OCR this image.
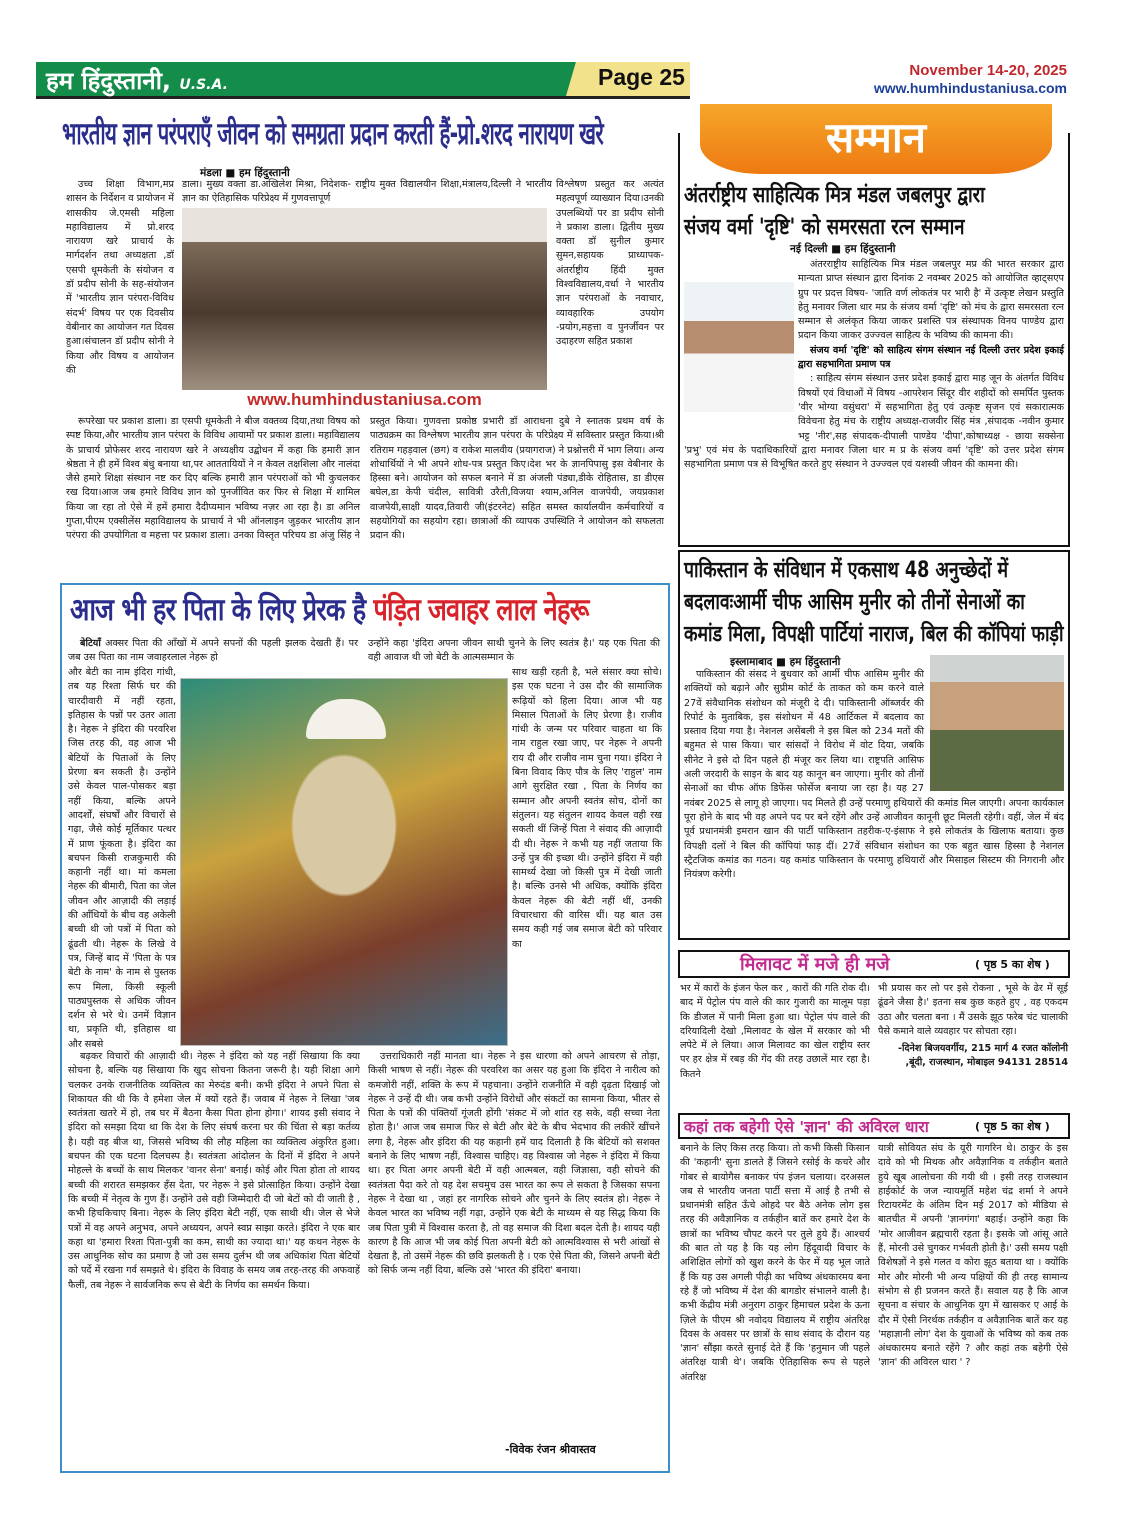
हम हिंदुस्तानी, U.S.A.	Page 25	November 14-20, 2025
www.humhindustaniusa.com
भारतीय ज्ञान परंपराएँ जीवन को समग्रता प्रदान करती हैं-प्रो.शरद नारायण खरे
मंडला ■ हम हिंदुस्तानी

उच्च शिक्षा विभाग,मप्र शासन के निर्देशन व प्रायोजन में शासकीय जे.एमसी महिला महाविद्यालय में प्रो.शरद नारायण खरे प्राचार्य के मार्गदर्शन तथा अध्यक्षता ,डॉ एसपी धूमकेती के संयोजन व डॉ प्रदीप सोनी के सह-संयोजन में 'भारतीय ज्ञान परंपरा-विविध संदर्भ' विषय पर एक दिवसीय वेबीनार का आयोजन गत दिवस हुआ।संचालन डॉ प्रदीप सोनी ने किया और विषय व आयोजन की

डाला। मुख्य वक्ता डा.अखिलेश मिश्रा, निदेशक- राष्ट्रीय मुक्त विद्यालयीन शिक्षा,मंत्रालय,दिल्ली ने भारतीय ज्ञान का ऐतिहासिक परिप्रेक्ष्य में गुणवत्तापूर्ण
www.humhindustaniusa.com
विश्लेषण प्रस्तुत कर अत्यंत महत्वपूर्ण व्याख्यान दिया।उनकी उपलब्धियों पर डा प्रदीप सोनी ने प्रकाश डाला। द्वितीय मुख्य वक्ता डॉ सुनील कुमार सुमन,सहायक प्राध्यापक-अंतर्राष्ट्रीय हिंदी मुक्त विश्वविद्यालय,वर्धा ने भारतीय ज्ञान परंपराओं के नवाचार, व्यावहारिक उपयोग -प्रयोग,महत्ता व पुनर्जीवन पर उदाहरण सहित प्रकाश

रूपरेखा पर प्रकाश डाला। डा एसपी धूमकेती ने बीज वक्तव्य दिया,तथा विषय को स्पष्ट किया,और भारतीय ज्ञान परंपरा के विविध आयामों पर प्रकाश डाला। महाविद्यालय के प्राचार्य प्रोफेसर शरद नारायण खरे ने अध्यक्षीय उद्बोधन में कहा कि हमारी ज्ञान श्रेष्ठता ने ही हमें विश्व बंधु बनाया था,पर आततायियों ने न केवल तक्षशिला और नालंदा जैसे हमारे शिक्षा संस्थान नष्ट कर दिए बल्कि हमारी ज्ञान परंपराओं को भी कुचलकर रख दिया।आज जब हमारे विविध ज्ञान को पुनर्जीवित कर फिर से शिक्षा में शामिल किया जा रहा तो ऐसे में हमें हमारा दैदीप्यमान भविष्य नज़र आ रहा है। डा अनिल गुप्ता,पीएम एक्सीलेंस महाविद्यालय के प्राचार्य ने भी ऑनलाइन जुड़कर भारतीय ज्ञान परंपरा की उपयोगिता व महत्ता पर प्रकाश डाला। उनका विस्तृत परिचय डा अंजु सिंह ने प्रस्तुत किया। गुणवत्ता प्रकोष्ठ प्रभारी डॉ आराधना दुबे ने स्नातक प्रथम वर्ष के पाठ्यक्रम का विश्लेषण भारतीय ज्ञान परंपरा के परिप्रेक्ष्य में सविस्तार प्रस्तुत किया।श्री रतिराम गहड़वाल (छग) व राकेश मालवीय (प्रयागराज) ने प्रश्नोत्तरी में भाग लिया। अन्य शोधार्थियों ने भी अपने शोध-पत्र प्रस्तुत किए।देश भर के ज्ञानपिपासु इस वेबीनार के हिस्सा बने। आयोजन को सफल बनाने में डा अंजली पंड्या,डीके रोहितास, डा डीएस बघेल,डा केपी चंदील, सावित्री उरैती,विजया श्याम,अनिल वाजपेयी, जयप्रकाश वाजपेयी,साक्षी यादव,तिवारी जी(इंटरनेट) सहित समस्त कार्यालयीन कर्मचारियों व सहयोगियों का सहयोग रहा। छात्राओं की व्यापक उपस्थिति ने आयोजन को सफलता प्रदान की।

आज भी हर पिता के लिए प्रेरक है पंड़ित जवाहर लाल नेहरू

बेटियाँ अक्सर पिता की आँखों में अपने सपनों की पहली झलक देखती हैं। पर जब उस पिता का नाम जवाहरलाल नेहरू हो

उन्होंने कहा 'इंदिरा अपना जीवन साथी चुनने के लिए स्वतंत्र है।' यह एक पिता की वही आवाज थी जो बेटी के आत्मसम्मान के
और बेटी का नाम इंदिरा गांधी, तब यह रिश्ता सिर्फ घर की चारदीवारी में नहीं रहता, इतिहास के पन्नों पर उतर आता है। नेहरू ने इंदिरा की परवरिश जिस तरह की, वह आज भी बेटियों के पिताओं के लिए प्रेरणा बन सकती है। उन्होंने उसे केवल पाल-पोसकर बड़ा नहीं किया, बल्कि अपने आदर्शों, संघर्षों और विचारों से गढ़ा, जैसे कोई मूर्तिकार पत्थर में प्राण फूंकता है। इंदिरा का बचपन किसी राजकुमारी की कहानी नहीं था। मां कमला नेहरू की बीमारी, पिता का जेल जीवन और आज़ादी की लड़ाई की आँधियों के बीच वह अकेली बच्ची थी जो पत्रों में पिता को ढूंढती थी। नेहरू के लिखे वे पत्र, जिन्हें बाद में 'पिता के पत्र बेटी के नाम' के नाम से पुस्तक रूप मिला, किसी स्कूली पाठ्यपुस्तक से अधिक जीवन दर्शन से भरे थे। उनमें विज्ञान था, प्रकृति थी, इतिहास था और सबसे
साथ खड़ी रहती है, भले संसार क्या सोचे। इस एक घटना ने उस दौर की सामाजिक रूढ़ियों को हिला दिया। आज भी यह मिसाल पिताओं के लिए प्रेरणा है। राजीव गांधी के जन्म पर परिवार चाहता था कि नाम राहुल रखा जाए, पर नेहरू ने अपनी राय दी और राजीव नाम चुना गया। इंदिरा ने बिना विवाद किए पौत्र के लिए 'राहुल' नाम आगे सुरक्षित रखा , पिता के निर्णय का सम्मान और अपनी स्वतंत्र सोच, दोनों का संतुलन। यह संतुलन शायद केवल वही रख सकती थीं जिन्हें पिता ने संवाद की आज़ादी दी थी। नेहरू ने कभी यह नहीं जताया कि उन्हें पुत्र की इच्छा थी। उन्होंने इंदिरा में वही सामर्थ्य देखा जो किसी पुत्र में देखी जाती है। बल्कि उनसे भी अधिक, क्योंकि इंदिरा केवल नेहरू की बेटी नहीं थीं, उनकी विचारधारा की वारिस थीं। यह बात उस समय कही गई जब समाज बेटी को परिवार का

बढ़कर विचारों की आज़ादी थी। नेहरू ने इंदिरा को यह नहीं सिखाया कि क्या सोचना है, बल्कि यह सिखाया कि खुद सोचना कितना जरूरी है। यही शिक्षा आगे चलकर उनके राजनीतिक व्यक्तित्व का मेरुदंड बनी। कभी इंदिरा ने अपने पिता से शिकायत की थी कि वे हमेशा जेल में क्यों रहते हैं। जवाब में नेहरू ने लिखा 'जब स्वतंत्रता खतरे में हो, तब घर में बैठना कैसा पिता होना होगा।' शायद इसी संवाद ने इंदिरा को समझा दिया था कि देश के लिए संघर्ष करना घर की चिंता से बड़ा कर्तव्य है। यही वह बीज था, जिससे भविष्य की लौह महिला का व्यक्तित्व अंकुरित हुआ। बचपन की एक घटना दिलचस्प है। स्वतंत्रता आंदोलन के दिनों में इंदिरा ने अपने मोहल्ले के बच्चों के साथ मिलकर 'वानर सेना' बनाई। कोई और पिता होता तो शायद बच्ची की शरारत समझकर हँस देता, पर नेहरू ने इसे प्रोत्साहित किया। उन्होंने देखा कि बच्ची में नेतृत्व के गुण हैं। उन्होंने उसे वही जिम्मेदारी दी जो बेटों को दी जाती है , कभी हिचकिचाए बिना। नेहरू के लिए इंदिरा बेटी नहीं, एक साथी थी। जेल से भेजे पत्रों में वह अपने अनुभव, अपने अध्ययन, अपने स्वप्न साझा करते। इंदिरा ने एक बार कहा था 'हमारा रिश्ता पिता-पुत्री का कम, साथी का ज्यादा था।' यह कथन नेहरू के उस आधुनिक सोच का प्रमाण है जो उस समय दुर्लभ थी जब अधिकांश पिता बेटियों को पर्दे में रखना गर्व समझते थे। इंदिरा के विवाह के समय जब तरह-तरह की अफवाहें फैलीं, तब नेहरू ने सार्वजनिक रूप से बेटी के निर्णय का समर्थन किया।

उत्तराधिकारी नहीं मानता था। नेहरू ने इस धारणा को अपने आचरण से तोड़ा, किसी भाषण से नहीं। नेहरू की परवरिश का असर यह हुआ कि इंदिरा ने नारीत्व को कमजोरी नहीं, शक्ति के रूप में पहचाना। उन्होंने राजनीति में वही दृढ़ता दिखाई जो नेहरू ने उन्हें दी थी। जब कभी उन्होंने विरोधों और संकटों का सामना किया, भीतर से पिता के पत्रों की पंक्तियाँ गूंजती होंगी 'संकट में जो शांत रह सके, वही सच्चा नेता होता है।' आज जब समाज फिर से बेटी और बेटे के बीच भेदभाव की लकीरें खींचने लगा है, नेहरू और इंदिरा की यह कहानी हमें याद दिलाती है कि बेटियों को सशक्त बनाने के लिए भाषण नहीं, विश्वास चाहिए। वह विश्वास जो नेहरू ने इंदिरा में किया था। हर पिता अगर अपनी बेटी में वही आत्मबल, वही जिज्ञासा, वही सोचने की स्वतंत्रता पैदा करे तो यह देश सचमुच उस भारत का रूप ले सकता है जिसका सपना नेहरू ने देखा था , जहां हर नागरिक सोचने और चुनने के लिए स्वतंत्र हो। नेहरू ने केवल भारत का भविष्य नहीं गढ़ा, उन्होंने एक बेटी के माध्यम से यह सिद्ध किया कि जब पिता पुत्री में विश्वास करता है, तो वह समाज की दिशा बदल देती है। शायद यही कारण है कि आज भी जब कोई पिता अपनी बेटी को आत्मविश्वास से भरी आंखों से देखता है, तो उसमें नेहरू की छवि झलकती है । एक ऐसे पिता की, जिसने अपनी बेटी को सिर्फ जन्म नहीं दिया, बल्कि उसे 'भारत की इंदिरा' बनाया।

-विवेक रंजन श्रीवास्तव
सम्मान
अंतर्राष्ट्रीय साहित्यिक मित्र मंडल जबलपुर द्वारा
संजय वर्मा 'दृष्टि' को समरसता रत्न सम्मान
नई दिल्ली ■ हम हिंदुस्तानी

अंतरराष्ट्रीय साहित्यिक मित्र मंडल जबलपुर मप्र की भारत सरकार द्वारा मान्यता प्राप्त संस्थान द्वारा दिनांक 2 नवम्बर 2025 को आयोजित व्हाट्सएप ग्रुप पर प्रदत्त विषय- 'जाति वर्ण लोकतंत्र पर भारी है' में उत्कृष्ट लेखन प्रस्तुति हेतु मनावर जिला धार मप्र के संजय वर्मा 'दृष्टि' को मंच के द्वारा समरसता रत्न सम्मान से अलंकृत किया जाकर प्रशस्ति पत्र संस्थापक विनय पाण्डेय द्वारा प्रदान किया जाकर उज्ज्वल साहित्य के भविष्य की कामना की।

संजय वर्मा 'दृष्टि' को साहित्य संगम संस्थान नई दिल्ली उत्तर प्रदेश इकाई द्वारा सहभागिता प्रमाण पत्र

: साहित्य संगम संस्थान उत्तर प्रदेश इकाई द्वारा माह जून के अंतर्गत विविध विषयों एवं विधाओं में विषय -आपरेशन सिंदूर वीर शहीदों को समर्पित पुस्तक 'वीर भोग्या वसुंधरा' में सहभागिता हेतु एवं उत्कृष्ट सृजन एवं सकारात्मक विवेचना हेतु मंच के राष्ट्रीय अध्यक्ष-राजवीर सिंह मंत्र ,संपादक -नवीन कुमार भट्ट 'नीर',सह संपादक-दीपाली पाण्डेय 'दीपा',कोषाध्यक्ष - छाया सक्सेना 'प्रभु' एवं मंच के पदाधिकारियों द्वारा मनावर जिला धार म प्र के संजय वर्मा 'दृष्टि' को उत्तर प्रदेश संगम सहभागिता प्रमाण पत्र से विभूषित करते हुए संस्थान ने उज्ज्वल एवं यशस्वी जीवन की कामना की।

पाकिस्तान के संविधान में एकसाथ 48 अनुच्छेदों में
बदलावःआर्मी चीफ आसिम मुनीर को तीनों सेनाओं का
कमांड मिला, विपक्षी पार्टियां नाराज, बिल की कॉपियां फाड़ी
इस्लामाबाद ■ हम हिंदुस्तानी

पाकिस्तान की संसद ने बुधवार को आर्मी चीफ आसिम मुनीर की शक्तियों को बढ़ाने और सुप्रीम कोर्ट के ताकत को कम करने वाले 27वें संवैधानिक संशोधन को मंजूरी दे दी। पाकिस्तानी ऑब्जर्वर की रिपोर्ट के मुताबिक, इस संशोधन में 48 आर्टिकल में बदलाव का प्रस्ताव दिया गया है। नेशनल असेंबली ने इस बिल को 234 मतों की बहुमत से पास किया। चार सांसदों ने विरोध में वोट दिया, जबकि सीनेट ने इसे दो दिन पहले ही मंजूर कर लिया था। राष्ट्रपति आसिफ अली जरदारी के साइन के बाद यह कानून बन जाएगा। मुनीर को तीनों सेनाओं का चीफ ऑफ डिफेंस फोर्सेज बनाया जा रहा है। यह 27 नवंबर 2025 से लागू हो जाएगा। पद मिलते ही उन्हें परमाणु हथियारों की कमांड मिल जाएगी। अपना कार्यकाल पूरा होने के बाद भी वह अपने पद पर बने रहेंगे और उन्हें आजीवन कानूनी छूट मिलती रहेगी। वहीं, जेल में बंद पूर्व प्रधानमंत्री इमरान खान की पार्टी पाकिस्तान तहरीक-ए-इंसाफ ने इसे लोकतंत्र के खिलाफ बताया। कुछ विपक्षी दलों ने बिल की कॉपियां फाड़ दीं। 27वें संविधान संशोधन का एक बहुत खास हिस्सा है नेशनल स्ट्रैटजिक कमांड का गठन। यह कमांड पाकिस्तान के परमाणु हथियारों और मिसाइल सिस्टम की निगरानी और नियंत्रण करेगी।

मिलावट में मजे ही मजे	( पृष्ठ 5 का शेष )
भर में कारों के इंजन फेल कर , कारों की गति रोक दी। बाद में पेट्रोल पंप वाले की कार गुजारी का मालूम पड़ा कि डीजल में पानी मिला हुआ था। पेट्रोल पंप वाले की दरियादिली देखो ,मिलावट के खेल में सरकार को भी लपेटे में ले लिया। आज मिलावट का खेल राष्ट्रीय स्तर पर हर क्षेत्र में रबड़ की गेंद की तरह उछालें मार रहा है। कितने
भी प्रयास कर लो पर इसे रोकना , भूसे के ढेर में सूई ढूंढने जैसा है।' इतना सब कुछ कहते हुए , वह एकदम उठा और चलता बना । मैं उसके झूठ फरेब चंट चालाकी पैसे कमाने वाले व्यवहार पर सोचता रहा।
-दिनेश बिजयवर्गीय, 215 मार्ग 4 रजत कॉलोनी ,बूंदी, राजस्थान, मोबाइल 94131 28514
कहां तक बहेगी ऐसे 'ज्ञान' की अविरल धारा	( पृष्ठ 5 का शेष )
बनाने के लिए किस तरह किया। तो कभी किसी किसान की 'कहानी' सुना डालते हैं जिसने रसोई के कचरे और गोबर से बायोगैस बनाकर पंप इंजन चलाया। दरअसल जब से भारतीय जनता पार्टी सत्ता में आई है तभी से प्रधानमंत्री सहित ऊँचे ओहदे पर बैठे अनेक लोग इस तरह की अवैज्ञानिक व तर्कहीन बातें कर हमारे देश के छात्रों का भविष्य चौपट करने पर तुले हुये हैं। आश्चर्य की बात तो यह है कि यह लोग हिंदूवादी विचार के अशिक्षित लोगों को खुश करने के फेर में यह भूल जाते हैं कि यह उस अगली पीढ़ी का भविष्य अंधकारमय बना रहे हैं जो भविष्य में देश की बागडोर संभालने वाली है। कभी केंद्रीय मंत्री अनुराग ठाकुर हिमाचल प्रदेश के ऊना ज़िले के पीएम श्री नवोदय विद्यालय में राष्ट्रीय अंतरिक्ष दिवस के अवसर पर छात्रों के साथ संवाद के दौरान यह 'ज्ञान' सौंझा करते सुनाई देते हैं कि 'हनुमान जी पहले अंतरिक्ष यात्री थे'। जबकि ऐतिहासिक रूप से पहले अंतरिक्ष
यात्री सोवियत संघ के यूरी गागरिन थे। ठाकुर के इस दावे को भी मिथक और अवैज्ञानिक व तर्कहीन बताते हुये खूब आलोचना की गयी थी । इसी तरह राजस्थान हाईकोर्ट के जज न्यायमूर्ति महेश चंद्र शर्मा ने अपने रिटायरमेंट के अंतिम दिन मई 2017 को मीडिया से बातचीत में अपनी 'ज्ञानगंगा' बहाई। उन्होंने कहा कि 'मोर आजीवन ब्रह्मचारी रहता है। इसके जो आंसू आते हैं, मोरनी उसे चुगकर गर्भवती होती है।' उसी समय पक्षी विशेषज्ञों ने इसे गलत व कोरा झूठ बताया था । क्योंकि मोर और मोरनी भी अन्य पक्षियों की ही तरह सामान्य संभोग से ही प्रजनन करते हैं। सवाल यह है कि आज सूचना व संचार के आधुनिक युग में खासकर ए आई के दौर में ऐसी निरर्थक तर्कहीन व अवैज्ञानिक बातें कर यह 'महाज्ञानी लोग' देश के युवाओं के भविष्य को कब तक अंधकारमय बनाते रहेंगे ? और कहां तक बहेगी ऐसे 'ज्ञान' की अविरल धारा ' ?
